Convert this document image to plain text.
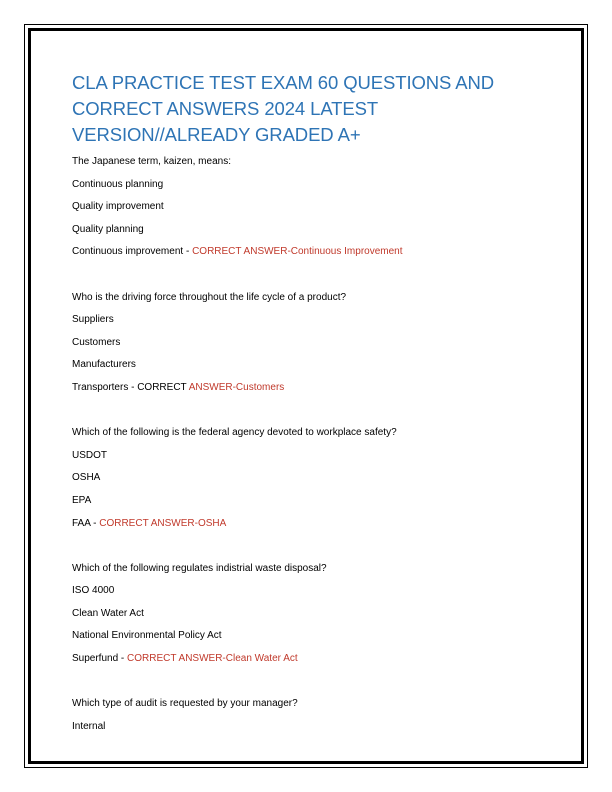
CLA PRACTICE TEST EXAM 60 QUESTIONS AND CORRECT ANSWERS 2024 LATEST VERSION//ALREADY GRADED A+
The Japanese term, kaizen, means:
Continuous planning
Quality improvement
Quality planning
Continuous improvement - CORRECT ANSWER-Continuous Improvement
Who is the driving force throughout the life cycle of a product?
Suppliers
Customers
Manufacturers
Transporters - CORRECT ANSWER-Customers
Which of the following is the federal agency devoted to workplace safety?
USDOT
OSHA
EPA
FAA - CORRECT ANSWER-OSHA
Which of the following regulates indistrial waste disposal?
ISO 4000
Clean Water Act
National Environmental Policy Act
Superfund - CORRECT ANSWER-Clean Water Act
Which type of audit is requested by your manager?
Internal
